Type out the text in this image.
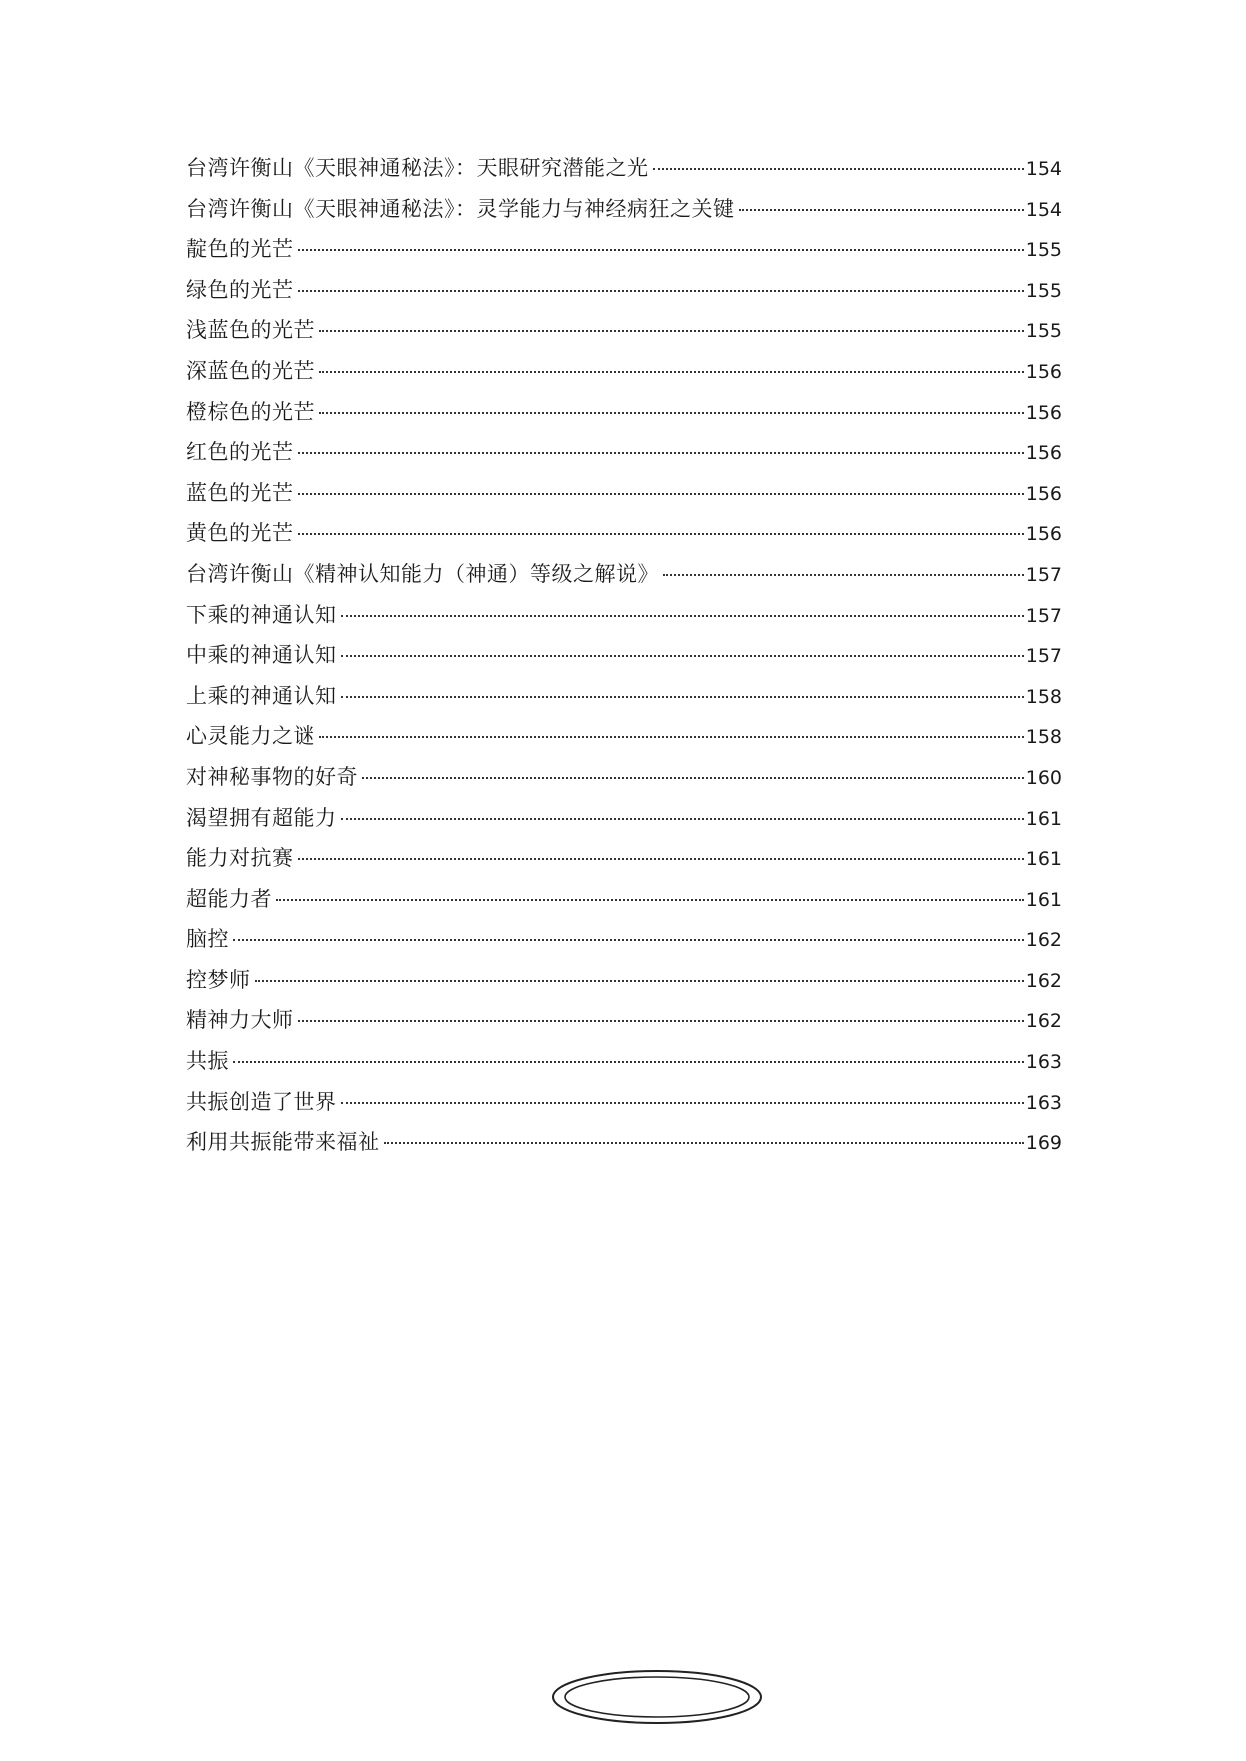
台湾许衡山《天眼神通秘法》：天眼研究潜能之光	154
台湾许衡山《天眼神通秘法》：灵学能力与神经病狂之关键	154
靛色的光芒	155
绿色的光芒	155
浅蓝色的光芒	155
深蓝色的光芒	156
橙棕色的光芒	156
红色的光芒	156
蓝色的光芒	156
黄色的光芒	156
台湾许衡山《精神认知能力（神通）等级之解说》	157
下乘的神通认知	157
中乘的神通认知	157
上乘的神通认知	158
心灵能力之谜	158
对神秘事物的好奇	160
渴望拥有超能力	161
能力对抗赛	161
超能力者	161
脑控	162
控梦师	162
精神力大师	162
共振	163
共振创造了世界	163
利用共振能带来福祉	169
